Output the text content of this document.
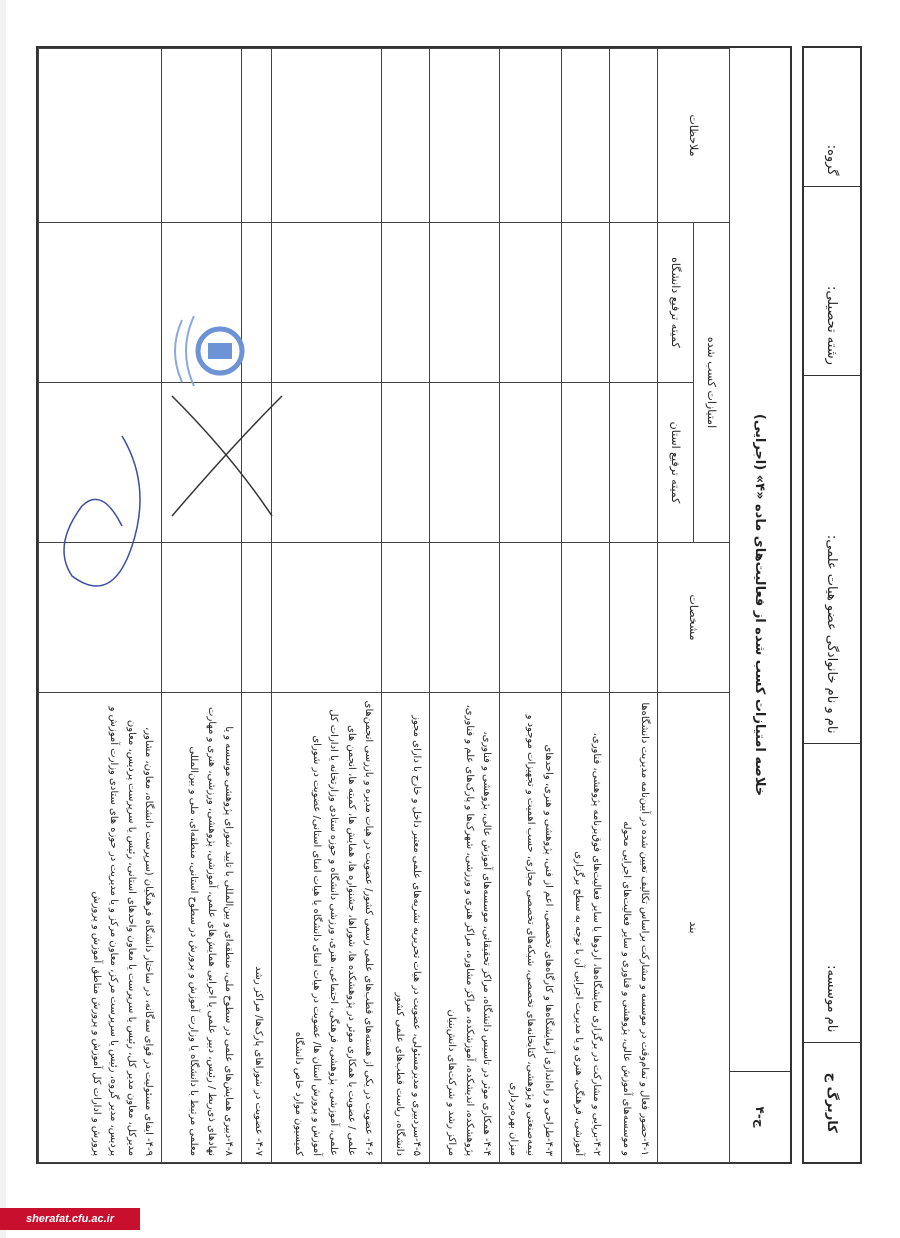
کاربرگ ج
نام موسسه:
نام و نام خانوادگی عضو هیات علمی:
رشته تحصیلی:
گروه:
ج-۴
خلاصه امتیازات کسب شده از فعالیت‌های ماده «۴» (اجرایی)
بند	مشخصات	امتیازات کسب شده		ملاحظات
		کمیته ترفیع استان	کمیته ترفیع دانشگاه	
۴-۱-حضور فعال و تمام‌وقت در موسسه و مشارکت براساس تکالیف تعیین شده در آیین‌نامه مدیریت دانشگاه‌ها و موسسه‌های آموزش عالی، پژوهشی و فناوری و سایر فعالیت‌های اجرایی محوله				
۴-۲-برپایی و مشارکت در برگزاری نمایشگاه‌ها، اردوها یا سایر فعالیت‌های فوق‌برنامه پژوهشی، فناوری، آموزشی، فرهنگی، هنری و یا مدیریت اجرایی آن با توجه به سطح برگزاری				
۴-۳-طراحی و راه‌اندازی آزمایشگاه‌ها و کارگاه‌های تخصصی، اعم از فنی، پژوهشی و هنری، واحدهای نیمه‌صنعتی و پژوهشی، کتابخانه‌های تخصصی، شبکه‌های تخصصی مجازی، حسب اهمیت و تجهیزات موجود و میزان بهره‌برداری				
۴-۴- همکاری موثر در تاسیس دانشگاه، مراکز تحقیقاتی، موسسه‌های آموزش عالی، پژوهشی و فناوری، پژوهشکده، اندیشکده، آموزشکده، مراکز مشاوره، مراکز هنری و ورزشی، شهرک‌ها و پارک‌های علم و فناوری، مراکز رشد و شرکت‌های دانش‌بنیان				
۴-۵-سردبیری و مدیرمسئولی، عضویت در هیات تحریریه نشریه‌های علمی معتبر داخل و خارج با دارای مجوز دانشگاه، ریاست قطب‌های علمی کشور				
۴-۶- عضویت در یکی از هسته‌های قطب‌های علمی رسمی کشور/ عضویت در هیات مدیره و بازرسی انجمن‌های علمی / عضویت یا همکاری موثر در پژوهشکده ها، شوراها، جشنواره ها، همایش ها، کمیته ها، انجمن های علمی، آموزشی، پژوهشی، فرهنگی، اجتماعی، هنری، ورزشی دانشگاه و حوزه ستادی وزارتخانه یا ادارات کل آموزش و پرورش استان ها/ عضویت در هیات امنای دانشگاه یا هیات امنای استانی/ عضویت در شورای کمیسیون موارد خاص دانشگاه				
۴-۷- عضویت در شوراهای پارک‌ها/ مراکز رشد				
۴-۸-دبیری همایش‌های علمی در سطوح ملی، منطقه‌ای و بین‌المللی با تایید شورای پژوهشی موسسه و یا نهادهای ذی‌ربط / رئیس، دبیر علمی یا اجرایی همایش‌های علمی، آموزشی، پژوهشی، ورزشی، هنری و مهارت معلمی مرتبط با دانشگاه یا وزارت آموزش و پرورش در سطوح استانی، منطقه‌ای، ملی و بین‌المللی				
۴-۹- ایفای مسئولیت در قوای سه‌گانه، در ساختار دانشگاه فرهنگیان (سرپرست دانشگاه، معاون، مشاور، مدیرکل، معاون مدیر کل، رئیس یا سرپرست یا معاون واحدهای استانی، رئیس یا سرپرست پردیس، معاون پردیس، مدیر گروه، رئیس یا سرپرست مرکز، معاون مرکز و یا مدیریت در حوزه های ستادی وزارت آموزش و پرورش و ادارات کل آموزش و پرورش مناطق آموزش و پرورش				
sherafat.cfu.ac.ir
